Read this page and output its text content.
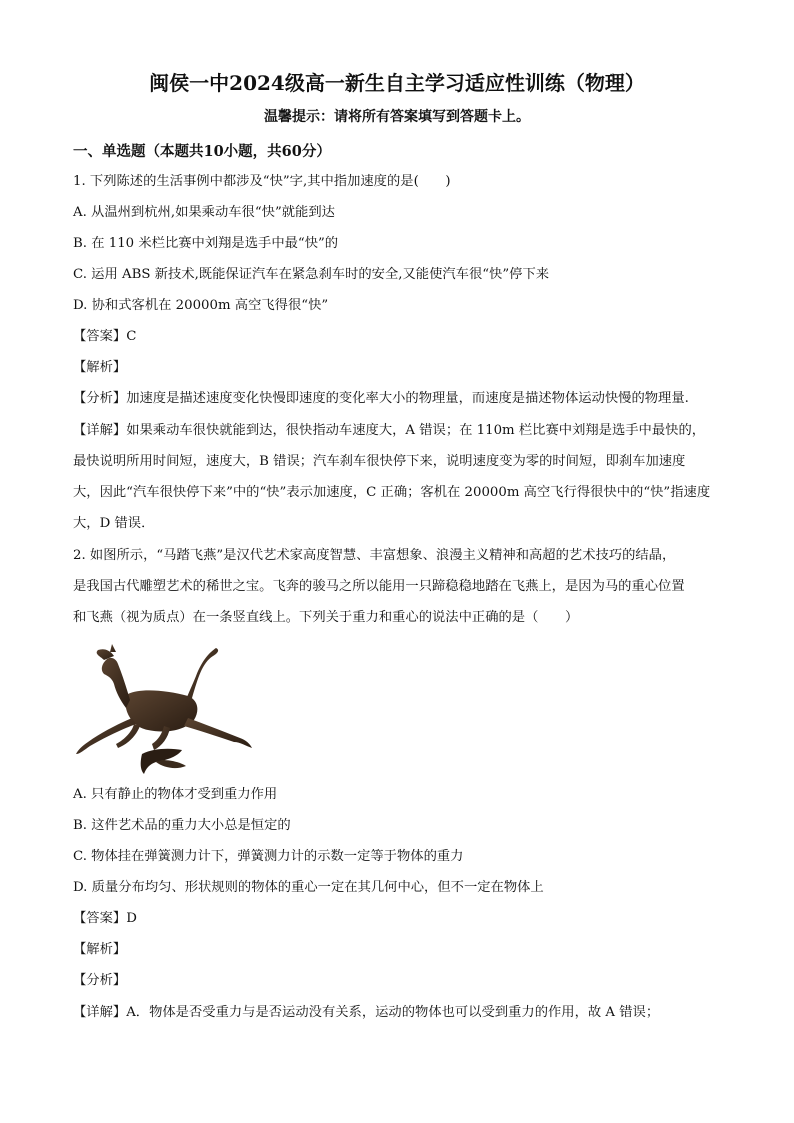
闽侯一中2024级高一新生自主学习适应性训练（物理）
温馨提示：请将所有答案填写到答题卡上。
一、单选题（本题共10小题，共60分）
1. 下列陈述的生活事例中都涉及“快”字,其中指加速度的是(　　)
A. 从温州到杭州,如果乘动车很“快”就能到达
B. 在 110 米栏比赛中刘翔是选手中最“快”的
C. 运用 ABS 新技术,既能保证汽车在紧急刹车时的安全,又能使汽车很“快”停下来
D. 协和式客机在 20000m 高空飞得很“快”
【答案】C
【解析】
【分析】加速度是描述速度变化快慢即速度的变化率大小的物理量，而速度是描述物体运动快慢的物理量.
【详解】如果乘动车很快就能到达，很快指动车速度大，A 错误；在 110m 栏比赛中刘翔是选手中最快的，
最快说明所用时间短，速度大，B 错误；汽车刹车很快停下来，说明速度变为零的时间短，即刹车加速度
大，因此“汽车很快停下来”中的“快”表示加速度，C 正确；客机在 20000m 高空飞行得很快中的“快”指速度
大，D 错误．
2. 如图所示，“马踏飞燕”是汉代艺术家高度智慧、丰富想象、浪漫主义精神和高超的艺术技巧的结晶，
是我国古代雕塑艺术的稀世之宝。飞奔的骏马之所以能用一只蹄稳稳地踏在飞燕上，是因为马的重心位置
和飞燕（视为质点）在一条竖直线上。下列关于重力和重心的说法中正确的是（　　）
A. 只有静止的物体才受到重力作用
B. 这件艺术品的重力大小总是恒定的
C. 物体挂在弹簧测力计下，弹簧测力计的示数一定等于物体的重力
D. 质量分布均匀、形状规则的物体的重心一定在其几何中心，但不一定在物体上
【答案】D
【解析】
【分析】
【详解】A．物体是否受重力与是否运动没有关系，运动的物体也可以受到重力的作用，故 A 错误；
